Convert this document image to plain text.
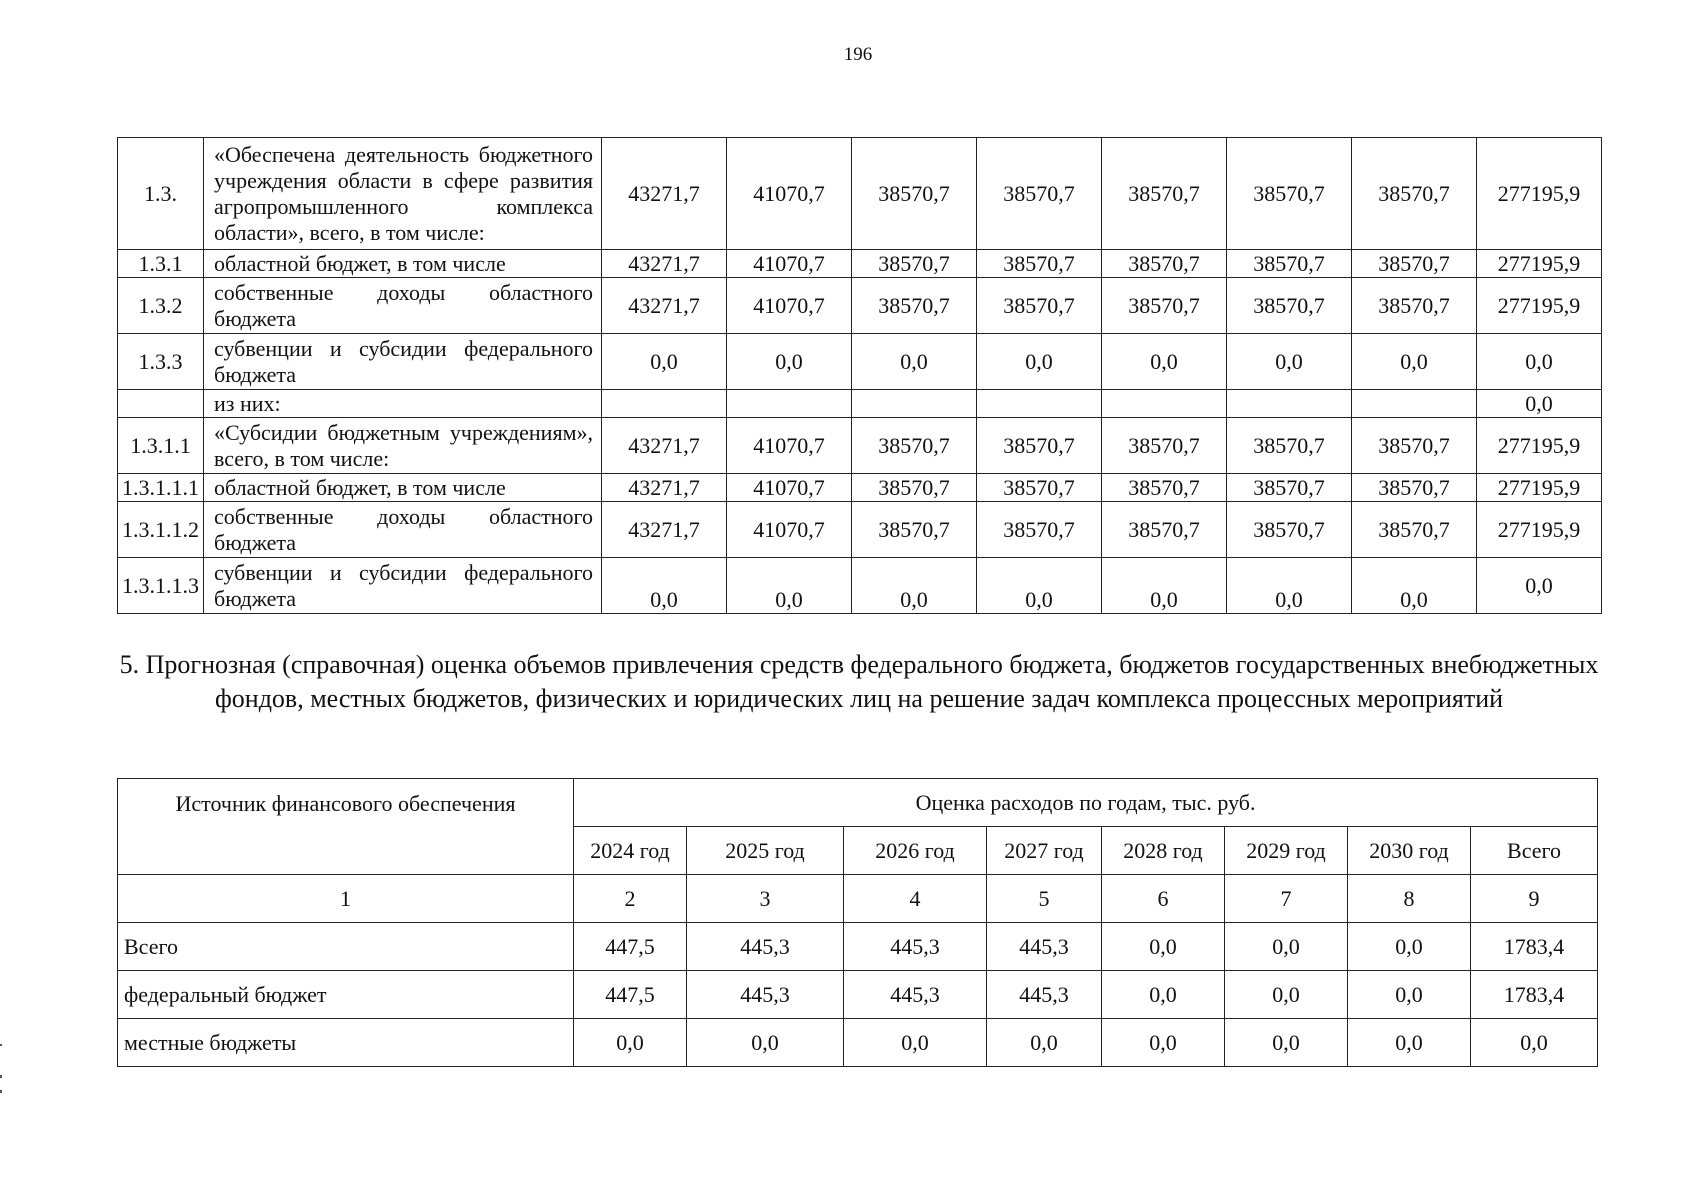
196
1.3.	«Обеспечена деятельность бюджетного учреждения области в сфере развития агропромышленного комплекса области», всего, в том числе:	43271,7	41070,7	38570,7	38570,7	38570,7	38570,7	38570,7	277195,9
1.3.1	областной бюджет, в том числе	43271,7	41070,7	38570,7	38570,7	38570,7	38570,7	38570,7	277195,9
1.3.2	собственные доходы областного бюджета	43271,7	41070,7	38570,7	38570,7	38570,7	38570,7	38570,7	277195,9
1.3.3	субвенции и субсидии федерального бюджета	0,0	0,0	0,0	0,0	0,0	0,0	0,0	0,0
	из них:								0,0
1.3.1.1	«Субсидии бюджетным учреждениям», всего, в том числе:	43271,7	41070,7	38570,7	38570,7	38570,7	38570,7	38570,7	277195,9
1.3.1.1.1	областной бюджет, в том числе	43271,7	41070,7	38570,7	38570,7	38570,7	38570,7	38570,7	277195,9
1.3.1.1.2	собственные доходы областного бюджета	43271,7	41070,7	38570,7	38570,7	38570,7	38570,7	38570,7	277195,9
1.3.1.1.3	субвенции и субсидии федерального бюджета	0,0	0,0	0,0	0,0	0,0	0,0	0,0	0,0
5. Прогнозная (справочная) оценка объемов привлечения средств федерального бюджета, бюджетов государственных внебюджетных фондов, местных бюджетов, физических и юридических лиц на решение задач комплекса процессных мероприятий
Источник финансового обеспечения	Оценка расходов по годам, тыс. руб.							
	2024 год	2025 год	2026 год	2027 год	2028 год	2029 год	2030 год	Всего
1	2	3	4	5	6	7	8	9
Всего	447,5	445,3	445,3	445,3	0,0	0,0	0,0	1783,4
федеральный бюджет	447,5	445,3	445,3	445,3	0,0	0,0	0,0	1783,4
местные бюджеты	0,0	0,0	0,0	0,0	0,0	0,0	0,0	0,0
